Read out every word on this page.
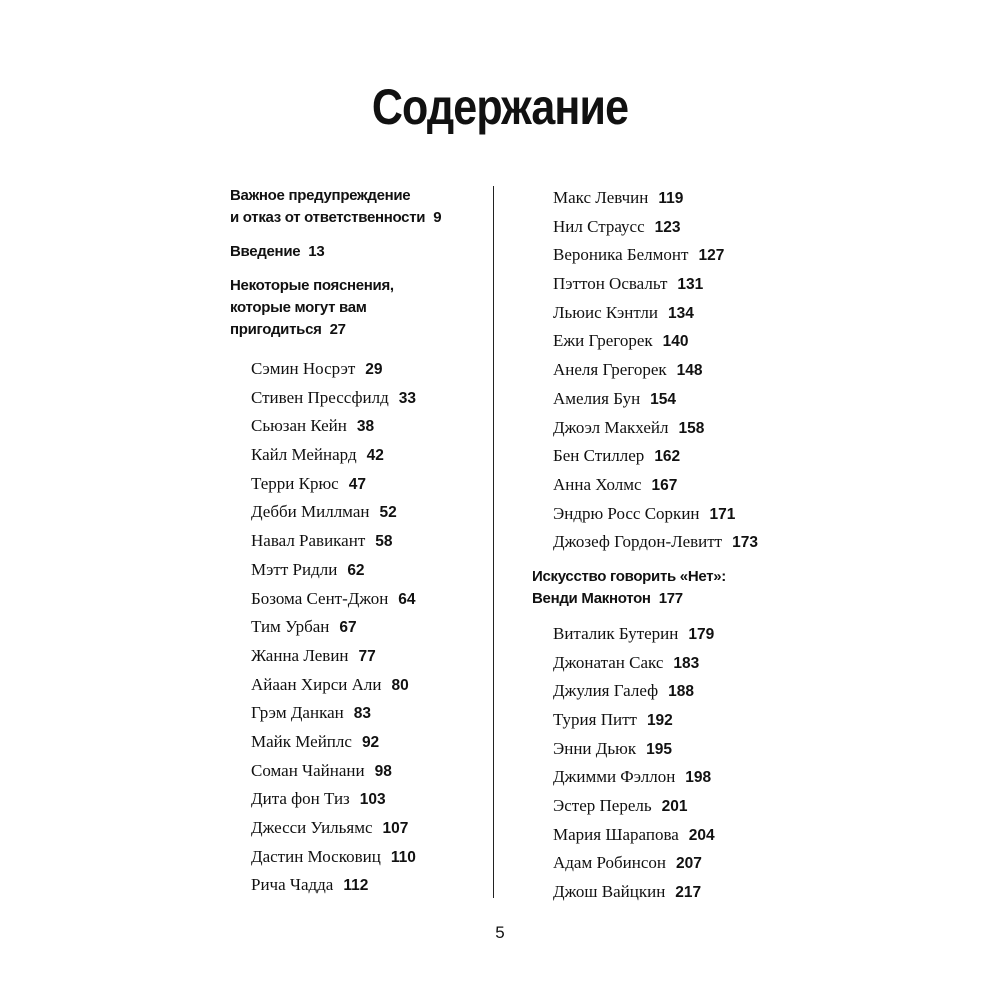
Содержание
Важное предупреждение
и отказ от ответственности 9
Введение 13
Некоторые пояснения,
которые могут вам
пригодиться 27
Сэмин Носрэт 29
Стивен Прессфилд 33
Сьюзан Кейн 38
Кайл Мейнард 42
Терри Крюс 47
Дебби Миллман 52
Навал Равикант 58
Мэтт Ридли 62
Бозома Сент-Джон 64
Тим Урбан 67
Жанна Левин 77
Айаан Хирси Али 80
Грэм Данкан 83
Майк Мейплс 92
Соман Чайнани 98
Дита фон Тиз 103
Джесси Уильямс 107
Дастин Московиц 110
Рича Чадда 112
Макс Левчин 119
Нил Страусс 123
Вероника Белмонт 127
Пэттон Освальт 131
Льюис Кэнтли 134
Ежи Грегорек 140
Анеля Грегорек 148
Амелия Бун 154
Джоэл Макхейл 158
Бен Стиллер 162
Анна Холмс 167
Эндрю Росс Соркин 171
Джозеф Гордон-Левитт 173
Искусство говорить «Нет»:
Венди Макнотон 177
Виталик Бутерин 179
Джонатан Сакс 183
Джулия Галеф 188
Турия Питт 192
Энни Дьюк 195
Джимми Фэллон 198
Эстер Перель 201
Мария Шарапова 204
Адам Робинсон 207
Джош Вайцкин 217
5
